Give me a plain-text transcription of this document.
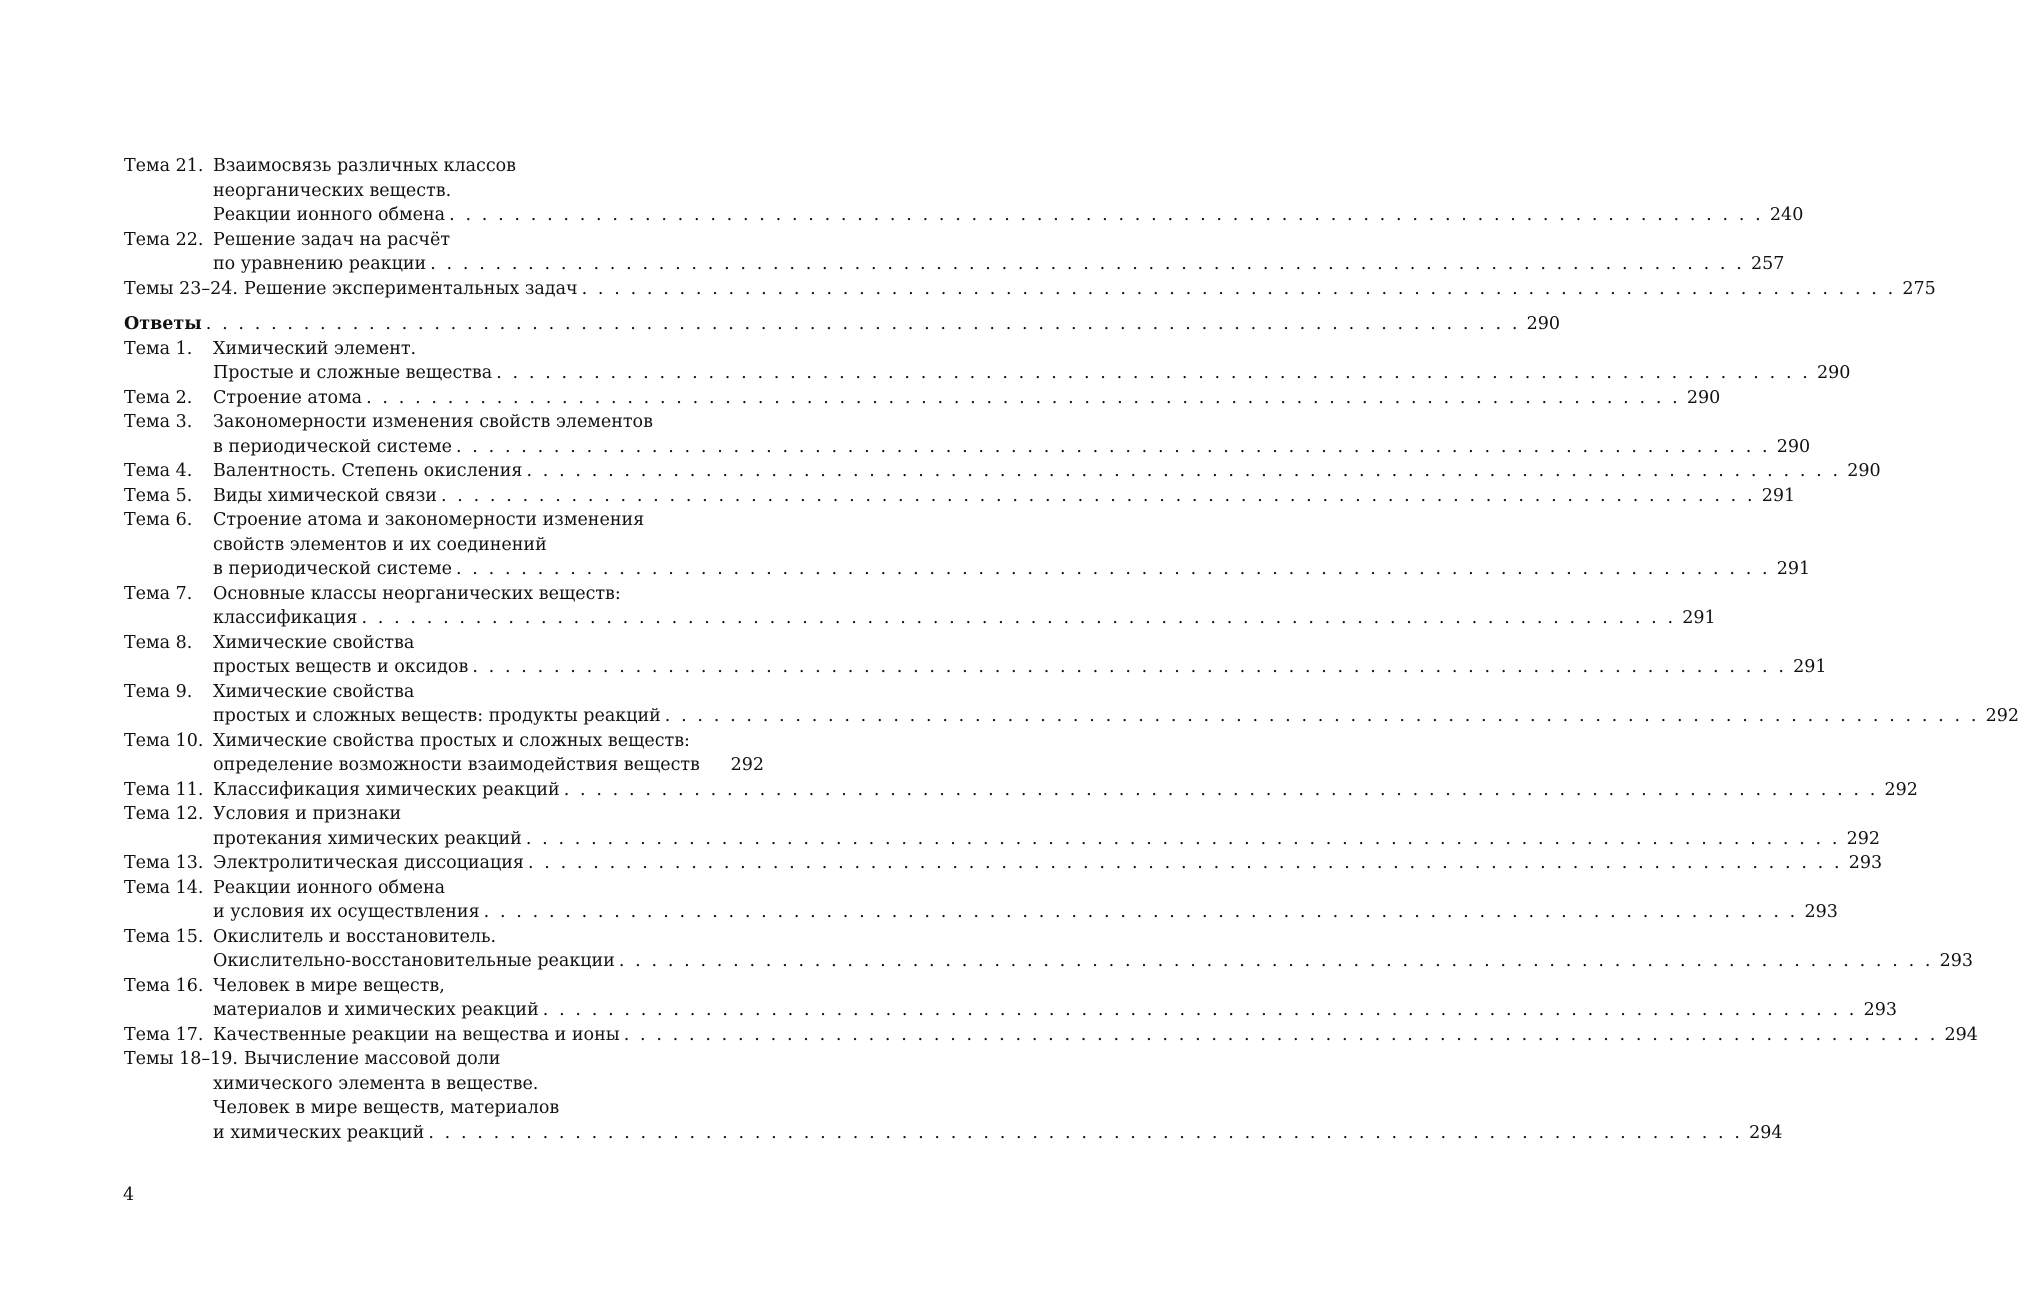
Тема 21. Взаимосвязь различных классов
неорганических веществ.
Реакции ионного обмена . . .	240
Тема 22. Решение задач на расчёт
по уравнению реакции . . .	257
Темы 23–24. Решение экспериментальных задач . . .	275
Ответы . . .	290
Тема 1.	Химический элемент.
Простые и сложные вещества . . .	290
Тема 2.	Строение атома . . .	290
Тема 3.	Закономерности изменения свойств элементов
в периодической системе . . .	290
Тема 4.	Валентность. Степень окисления . . .	290
Тема 5.	Виды химической связи . . .	291
Тема 6.	Строение атома и закономерности изменения
свойств элементов и их соединений
в периодической системе . . .	291
Тема 7.	Основные классы неорганических веществ:
классификация . . .	291
Тема 8.	Химические свойства
простых веществ и оксидов . . .	291
Тема 9.	Химические свойства
простых и сложных веществ: продукты реакций . . .	292
Тема 10. Химические свойства простых и сложных веществ:
определение возможности взаимодействия веществ 292
Тема 11. Классификация химических реакций . . .	292
Тема 12. Условия и признаки
протекания химических реакций . . .	292
Тема 13. Электролитическая диссоциация . . .	293
Тема 14. Реакции ионного обмена
и условия их осуществления . . .	293
Тема 15. Окислитель и восстановитель.
Окислительно-восстановительные реакции . . .	293
Тема 16. Человек в мире веществ,
материалов и химических реакций . . .	293
Тема 17. Качественные реакции на вещества и ионы . . .	294
Темы 18–19. Вычисление массовой доли
химического элемента в веществе.
Человек в мире веществ, материалов
и химических реакций . . .	294
4
